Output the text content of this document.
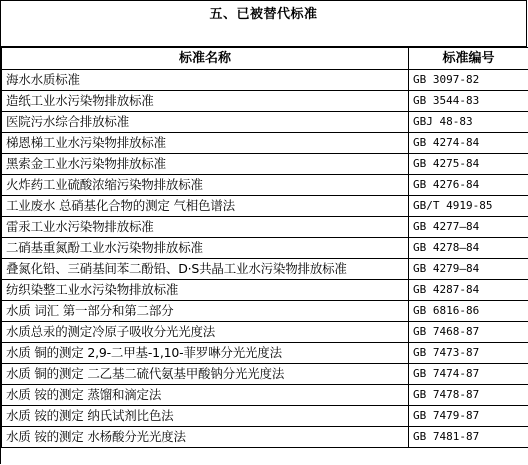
五、已被替代标准
标准名称	标准编号
海水水质标准	GB 3097-82
造纸工业水污染物排放标准	GB 3544-83
医院污水综合排放标准	GBJ 48-83
梯恩梯工业水污染物排放标准	GB 4274-84
黑索金工业水污染物排放标准	GB 4275-84
火炸药工业硫酸浓缩污染物排放标准	GB 4276-84
工业废水 总硝基化合物的测定 气相色谱法	GB/T 4919-85
雷汞工业水污染物排放标准	GB 4277—84
二硝基重氮酚工业水污染物排放标准	GB 4278—84
叠氮化铅、三硝基间苯二酚铅、D·S共晶工业水污染物排放标准	GB 4279—84
纺织染整工业水污染物排放标准	GB 4287-84
水质 词汇 第一部分和第二部分	GB 6816-86
水质总汞的测定冷原子吸收分光光度法	GB 7468-87
水质 铜的测定 2,9-二甲基-1,10-菲罗啉分光光度法	GB 7473-87
水质 铜的测定 二乙基二硫代氨基甲酸钠分光光度法	GB 7474-87
水质 铵的测定 蒸馏和滴定法	GB 7478-87
水质 铵的测定 纳氏试剂比色法	GB 7479-87
水质 铵的测定 水杨酸分光光度法	GB 7481-87
